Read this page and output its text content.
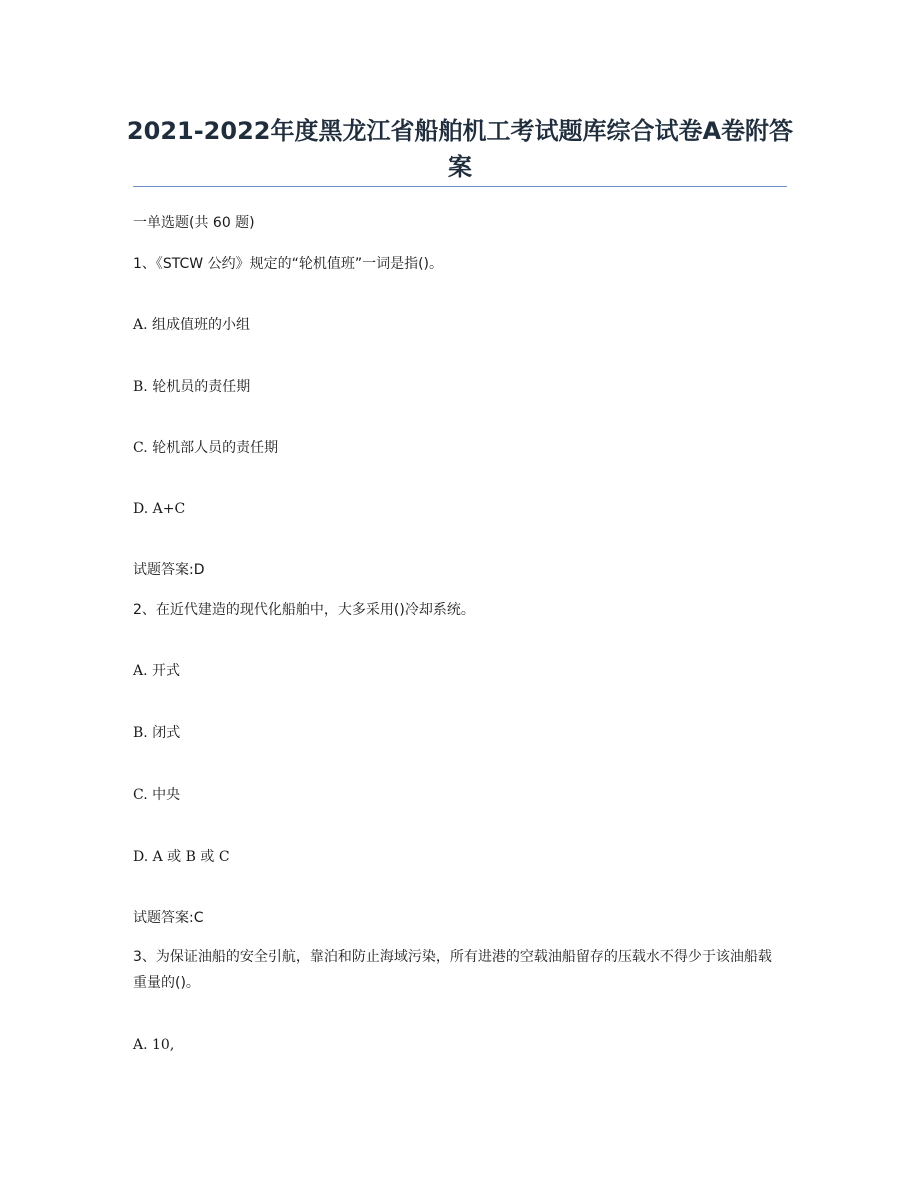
2021-2022年度黑龙江省船舶机工考试题库综合试卷A卷附答案
一单选题(共 60 题)
1、《STCW 公约》规定的“轮机值班”一词是指()。
A. 组成值班的小组
B. 轮机员的责任期
C. 轮机部人员的责任期
D. A+C
试题答案:D
2、在近代建造的现代化船舶中，大多采用()冷却系统。
A. 开式
B. 闭式
C. 中央
D. A 或 B 或 C
试题答案:C
3、为保证油船的安全引航，靠泊和防止海域污染，所有进港的空载油船留存的压载水不得少于该油船载重量的()。
A. 10,
